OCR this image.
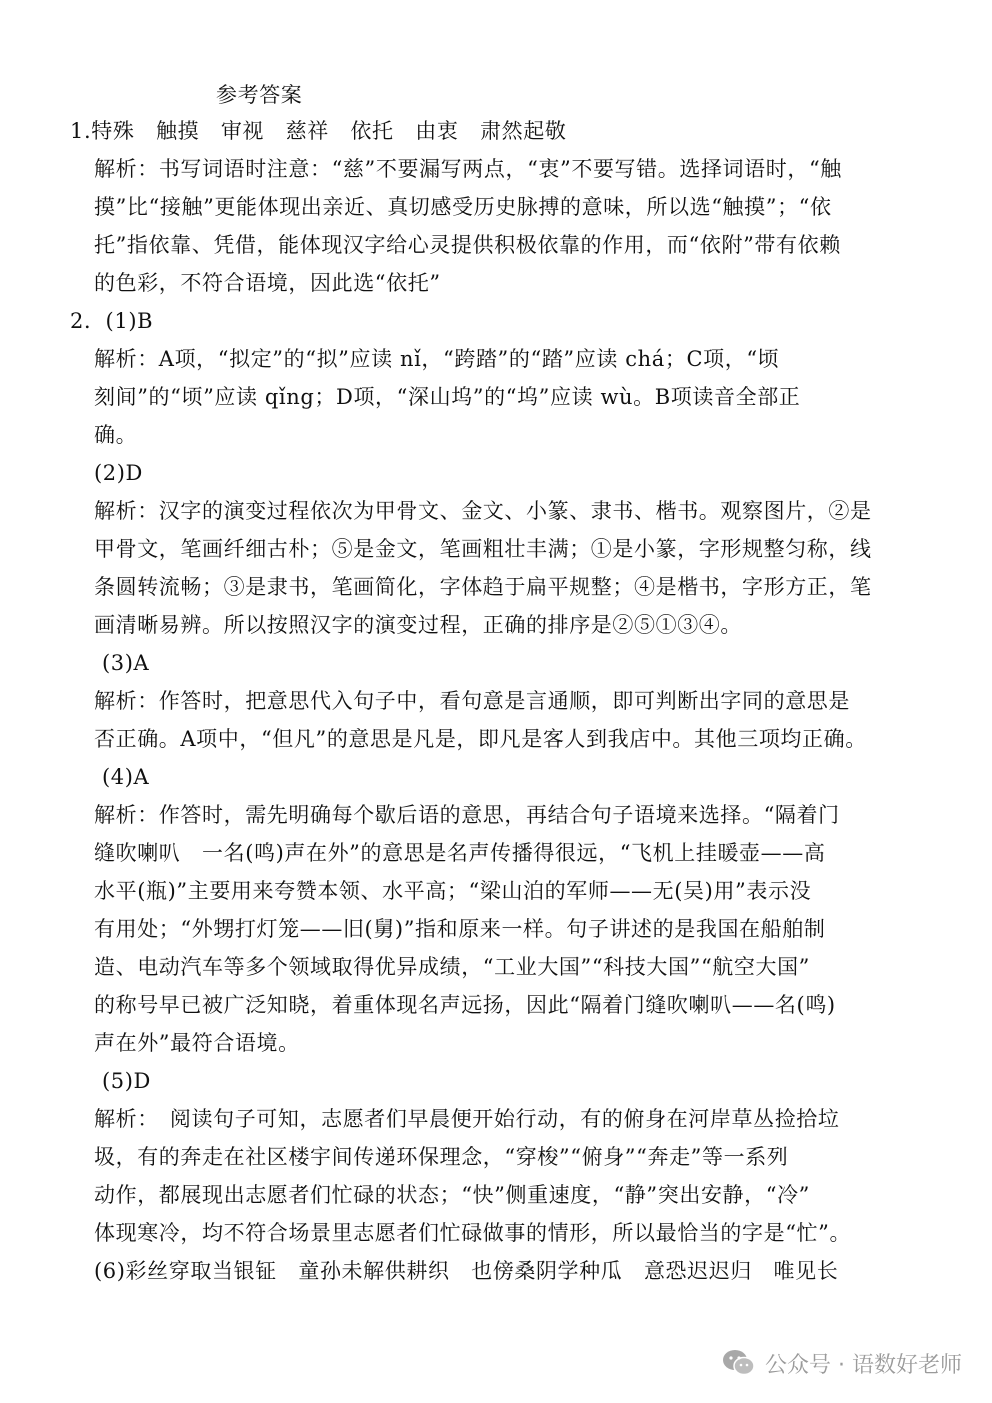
参考答案
1.特殊　触摸　审视　慈祥　依托　由衷　肃然起敬
解析：书写词语时注意：“慈”不要漏写两点，“衷”不要写错。选择词语时，“触
摸”比“接触”更能体现出亲近、真切感受历史脉搏的意味，所以选“触摸”；“依
托”指依靠、凭借，能体现汉字给心灵提供积极依靠的作用，而“依附”带有依赖
的色彩，不符合语境，因此选“依托”
2．(1)B
解析：A项，“拟定”的“拟”应读 nǐ，“跨踏”的“踏”应读 chá；C项，“顷
刻间”的“顷”应读 qǐng；D项，“深山坞”的“坞”应读 wù。B项读音全部正
确。
(2)D
解析：汉字的演变过程依次为甲骨文、金文、小篆、隶书、楷书。观察图片，②是
甲骨文，笔画纤细古朴；⑤是金文，笔画粗壮丰满；①是小篆，字形规整匀称，线
条圆转流畅；③是隶书，笔画简化，字体趋于扁平规整；④是楷书，字形方正，笔
画清晰易辨。所以按照汉字的演变过程，正确的排序是②⑤①③④。
(3)A
解析：作答时，把意思代入句子中，看句意是言通顺，即可判断出字同的意思是
否正确。A项中，“但凡”的意思是凡是，即凡是客人到我店中。其他三项均正确。
(4)A
解析：作答时，需先明确每个歇后语的意思，再结合句子语境来选择。“隔着门
缝吹喇叭　一名(鸣)声在外”的意思是名声传播得很远，“飞机上挂暖壶——高
水平(瓶)”主要用来夸赞本领、水平高；“梁山泊的军师——无(吴)用”表示没
有用处；“外甥打灯笼——旧(舅)”指和原来一样。句子讲述的是我国在船舶制
造、电动汽车等多个领域取得优异成绩，“工业大国”“科技大国”“航空大国”
的称号早已被广泛知晓，着重体现名声远扬，因此“隔着门缝吹喇叭——名(鸣)
声在外”最符合语境。
(5)D
解析：　阅读句子可知，志愿者们早晨便开始行动，有的俯身在河岸草丛捡拾垃
圾，有的奔走在社区楼宇间传递环保理念，“穿梭”“俯身”“奔走”等一系列
动作，都展现出志愿者们忙碌的状态；“快”侧重速度，“静”突出安静，“冷”
体现寒冷，均不符合场景里志愿者们忙碌做事的情形，所以最恰当的字是“忙”。
(6)彩丝穿取当银钲　童孙未解供耕织　也傍桑阴学种瓜　意恐迟迟归　唯见长
公众号 · 语数好老师
